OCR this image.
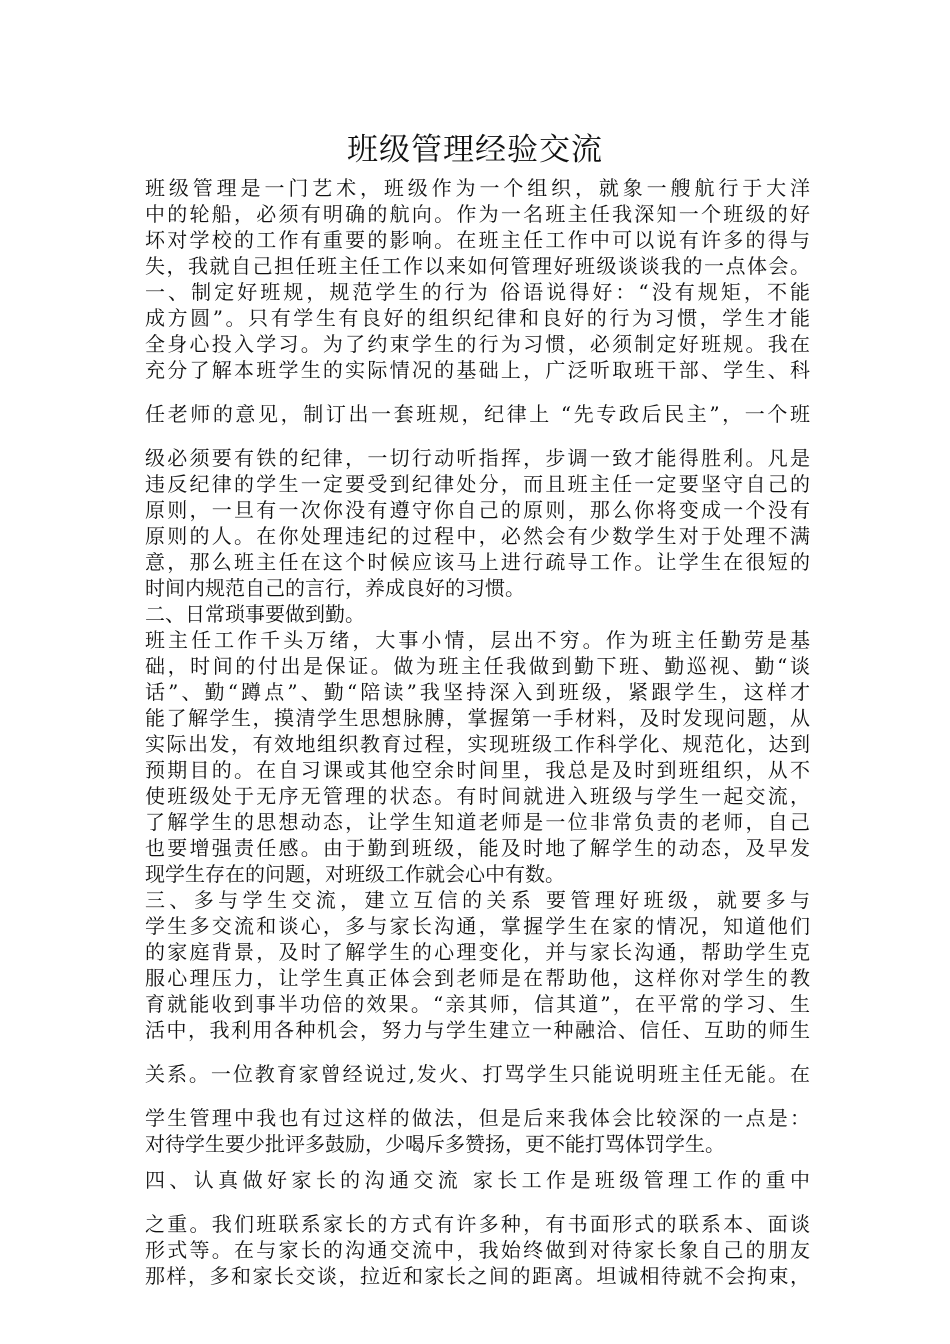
班级管理经验交流
班级管理是一门艺术，班级作为一个组织，就象一艘航行于大洋
中的轮船，必须有明确的航向。作为一名班主任我深知一个班级的好
坏对学校的工作有重要的影响。在班主任工作中可以说有许多的得与
失，我就自己担任班主任工作以来如何管理好班级谈谈我的一点体会。
一、制定好班规，规范学生的行为 俗语说得好：“没有规矩，不能
成方圆”。只有学生有良好的组织纪律和良好的行为习惯，学生才能
全身心投入学习。为了约束学生的行为习惯，必须制定好班规。我在
充分了解本班学生的实际情况的基础上，广泛听取班干部、学生、科
任老师的意见，制订出一套班规，纪律上 “先专政后民主”，一个班
级必须要有铁的纪律，一切行动听指挥，步调一致才能得胜利。凡是
违反纪律的学生一定要受到纪律处分，而且班主任一定要坚守自己的
原则，一旦有一次你没有遵守你自己的原则，那么你将变成一个没有
原则的人。在你处理违纪的过程中，必然会有少数学生对于处理不满
意，那么班主任在这个时候应该马上进行疏导工作。让学生在很短的
时间内规范自己的言行，养成良好的习惯。
二、日常琐事要做到勤。
班主任工作千头万绪，大事小情，层出不穷。作为班主任勤劳是基
础，时间的付出是保证。做为班主任我做到勤下班、勤巡视、勤“谈
话”、勤“蹲点”、勤“陪读”我坚持深入到班级，紧跟学生，这样才
能了解学生，摸清学生思想脉膊，掌握第一手材料，及时发现问题，从
实际出发，有效地组织教育过程，实现班级工作科学化、规范化，达到
预期目的。在自习课或其他空余时间里，我总是及时到班组织，从不
使班级处于无序无管理的状态。有时间就进入班级与学生一起交流，
了解学生的思想动态，让学生知道老师是一位非常负责的老师，自己
也要增强责任感。由于勤到班级，能及时地了解学生的动态，及早发
现学生存在的问题，对班级工作就会心中有数。
三、多与学生交流，建立互信的关系 要管理好班级，就要多与
学生多交流和谈心，多与家长沟通，掌握学生在家的情况，知道他们
的家庭背景，及时了解学生的心理变化，并与家长沟通，帮助学生克
服心理压力，让学生真正体会到老师是在帮助他，这样你对学生的教
育就能收到事半功倍的效果。“亲其师，信其道”，在平常的学习、生
活中，我利用各种机会，努力与学生建立一种融洽、信任、互助的师生
关系。一位教育家曾经说过,发火、打骂学生只能说明班主任无能。在
学生管理中我也有过这样的做法，但是后来我体会比较深的一点是：
对待学生要少批评多鼓励，少喝斥多赞扬，更不能打骂体罚学生。
四、认真做好家长的沟通交流 家长工作是班级管理工作的重中
之重。我们班联系家长的方式有许多种，有书面形式的联系本、面谈
形式等。在与家长的沟通交流中，我始终做到对待家长象自己的朋友
那样，多和家长交谈，拉近和家长之间的距离。坦诚相待就不会拘束，
